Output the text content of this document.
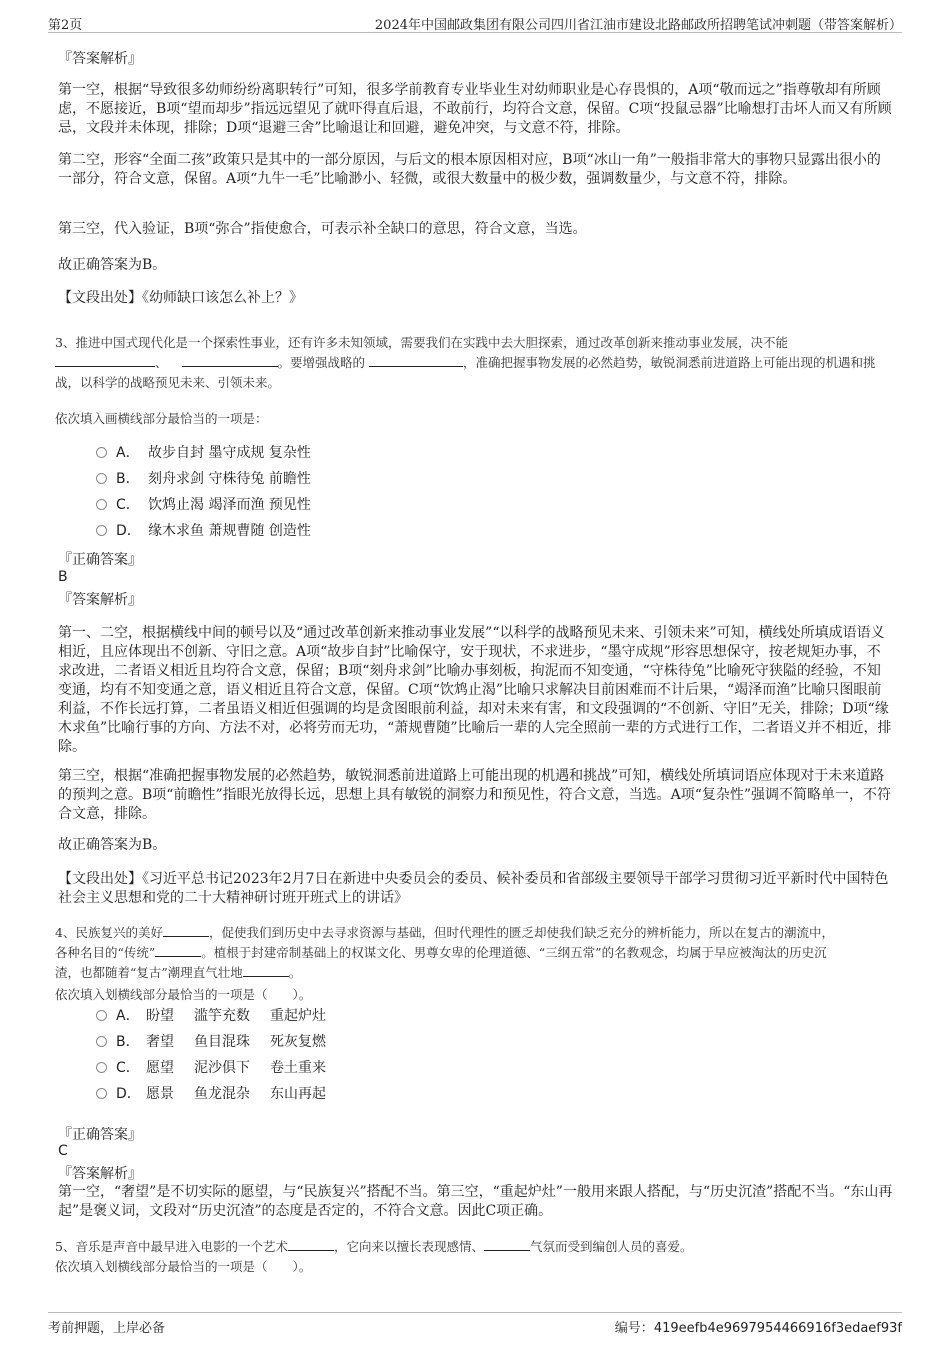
第2页	2024年中国邮政集团有限公司四川省江油市建设北路邮政所招聘笔试冲刺题（带答案解析）
『答案解析』
第一空，根据“导致很多幼师纷纷离职转行”可知，很多学前教育专业毕业生对幼师职业是心存畏惧的，A项“敬而远之”指尊敬却有所顾虑，不愿接近，B项“望而却步”指远远望见了就吓得直后退，不敢前行，均符合文意，保留。C项“投鼠忌器”比喻想打击坏人而又有所顾忌，文段并未体现，排除；D项“退避三舍”比喻退让和回避，避免冲突，与文意不符，排除。
第二空，形容“全面二孩”政策只是其中的一部分原因，与后文的根本原因相对应，B项“冰山一角”一般指非常大的事物只显露出很小的一部分，符合文意，保留。A项“九牛一毛”比喻渺小、轻微，或很大数量中的极少数，强调数量少，与文意不符，排除。
第三空，代入验证，B项“弥合”指使愈合，可表示补全缺口的意思，符合文意，当选。
故正确答案为B。
【文段出处】《幼师缺口该怎么补上？》
3、推进中国式现代化是一个探索性事业，还有许多未知领域，需要我们在实践中去大胆探索，通过改革创新来推动事业发展，决不能
、	。要增强战略的	，准确把握事物发展的必然趋势，敏锐洞悉前进道路上可能出现的机遇和挑战，以科学的战略预见未来、引领未来。
依次填入画横线部分最恰当的一项是：
A． 故步自封 墨守成规 复杂性
B． 刻舟求剑 守株待兔 前瞻性
C． 饮鸩止渴 竭泽而渔 预见性
D． 缘木求鱼 萧规曹随 创造性
『正确答案』
B
『答案解析』
第一、二空，根据横线中间的顿号以及“通过改革创新来推动事业发展”“以科学的战略预见未来、引领未来”可知，横线处所填成语语义相近，且应体现出不创新、守旧之意。A项“故步自封”比喻保守，安于现状，不求进步，“墨守成规”形容思想保守，按老规矩办事，不求改进，二者语义相近且均符合文意，保留；B项“刻舟求剑”比喻办事刻板，拘泥而不知变通，“守株待兔”比喻死守狭隘的经验，不知变通，均有不知变通之意，语义相近且符合文意，保留。C项“饮鸩止渴”比喻只求解决目前困难而不计后果，“竭泽而渔”比喻只图眼前利益，不作长远打算，二者虽语义相近但强调的均是贪图眼前利益，却对未来有害，和文段强调的“不创新、守旧”无关，排除；D项“缘木求鱼”比喻行事的方向、方法不对，必将劳而无功，“萧规曹随”比喻后一辈的人完全照前一辈的方式进行工作，二者语义并不相近，排除。
第三空，根据“准确把握事物发展的必然趋势，敏锐洞悉前进道路上可能出现的机遇和挑战”可知，横线处所填词语应体现对于未来道路的预判之意。B项“前瞻性”指眼光放得长远，思想上具有敏锐的洞察力和预见性，符合文意，当选。A项“复杂性”强调不简略单一，不符合文意，排除。
故正确答案为B。
【文段出处】《习近平总书记2023年2月7日在新进中央委员会的委员、候补委员和省部级主要领导干部学习贯彻习近平新时代中国特色社会主义思想和党的二十大精神研讨班开班式上的讲话》
4、民族复兴的美好	，促使我们到历史中去寻求资源与基础，但时代理性的匮乏却使我们缺乏充分的辨析能力，所以在复古的潮流中，
各种名目的“传统”	。植根于封建帝制基础上的权谋文化、男尊女卑的伦理道德、“三纲五常”的名教观念，均属于早应被淘汰的历史沉
渣，也都随着“复古”潮理直气壮地	。
依次填入划横线部分最恰当的一项是（　　）。
A． 盼望 滥竽充数 重起炉灶
B． 奢望 鱼目混珠 死灰复燃
C． 愿望 泥沙俱下 卷土重来
D． 愿景 鱼龙混杂 东山再起
『正确答案』
C
『答案解析』
第一空，“奢望”是不切实际的愿望，与“民族复兴”搭配不当。第三空，“重起炉灶”一般用来跟人搭配，与“历史沉渣”搭配不当。“东山再起”是褒义词，文段对“历史沉渣”的态度是否定的，不符合文意。因此C项正确。
5、音乐是声音中最早进入电影的一个艺术	，它向来以擅长表现感情、	气氛而受到编创人员的喜爱。
依次填入划横线部分最恰当的一项是（　　）。
考前押题，上岸必备	编号：419eefb4e9697954466916f3edaef93f
